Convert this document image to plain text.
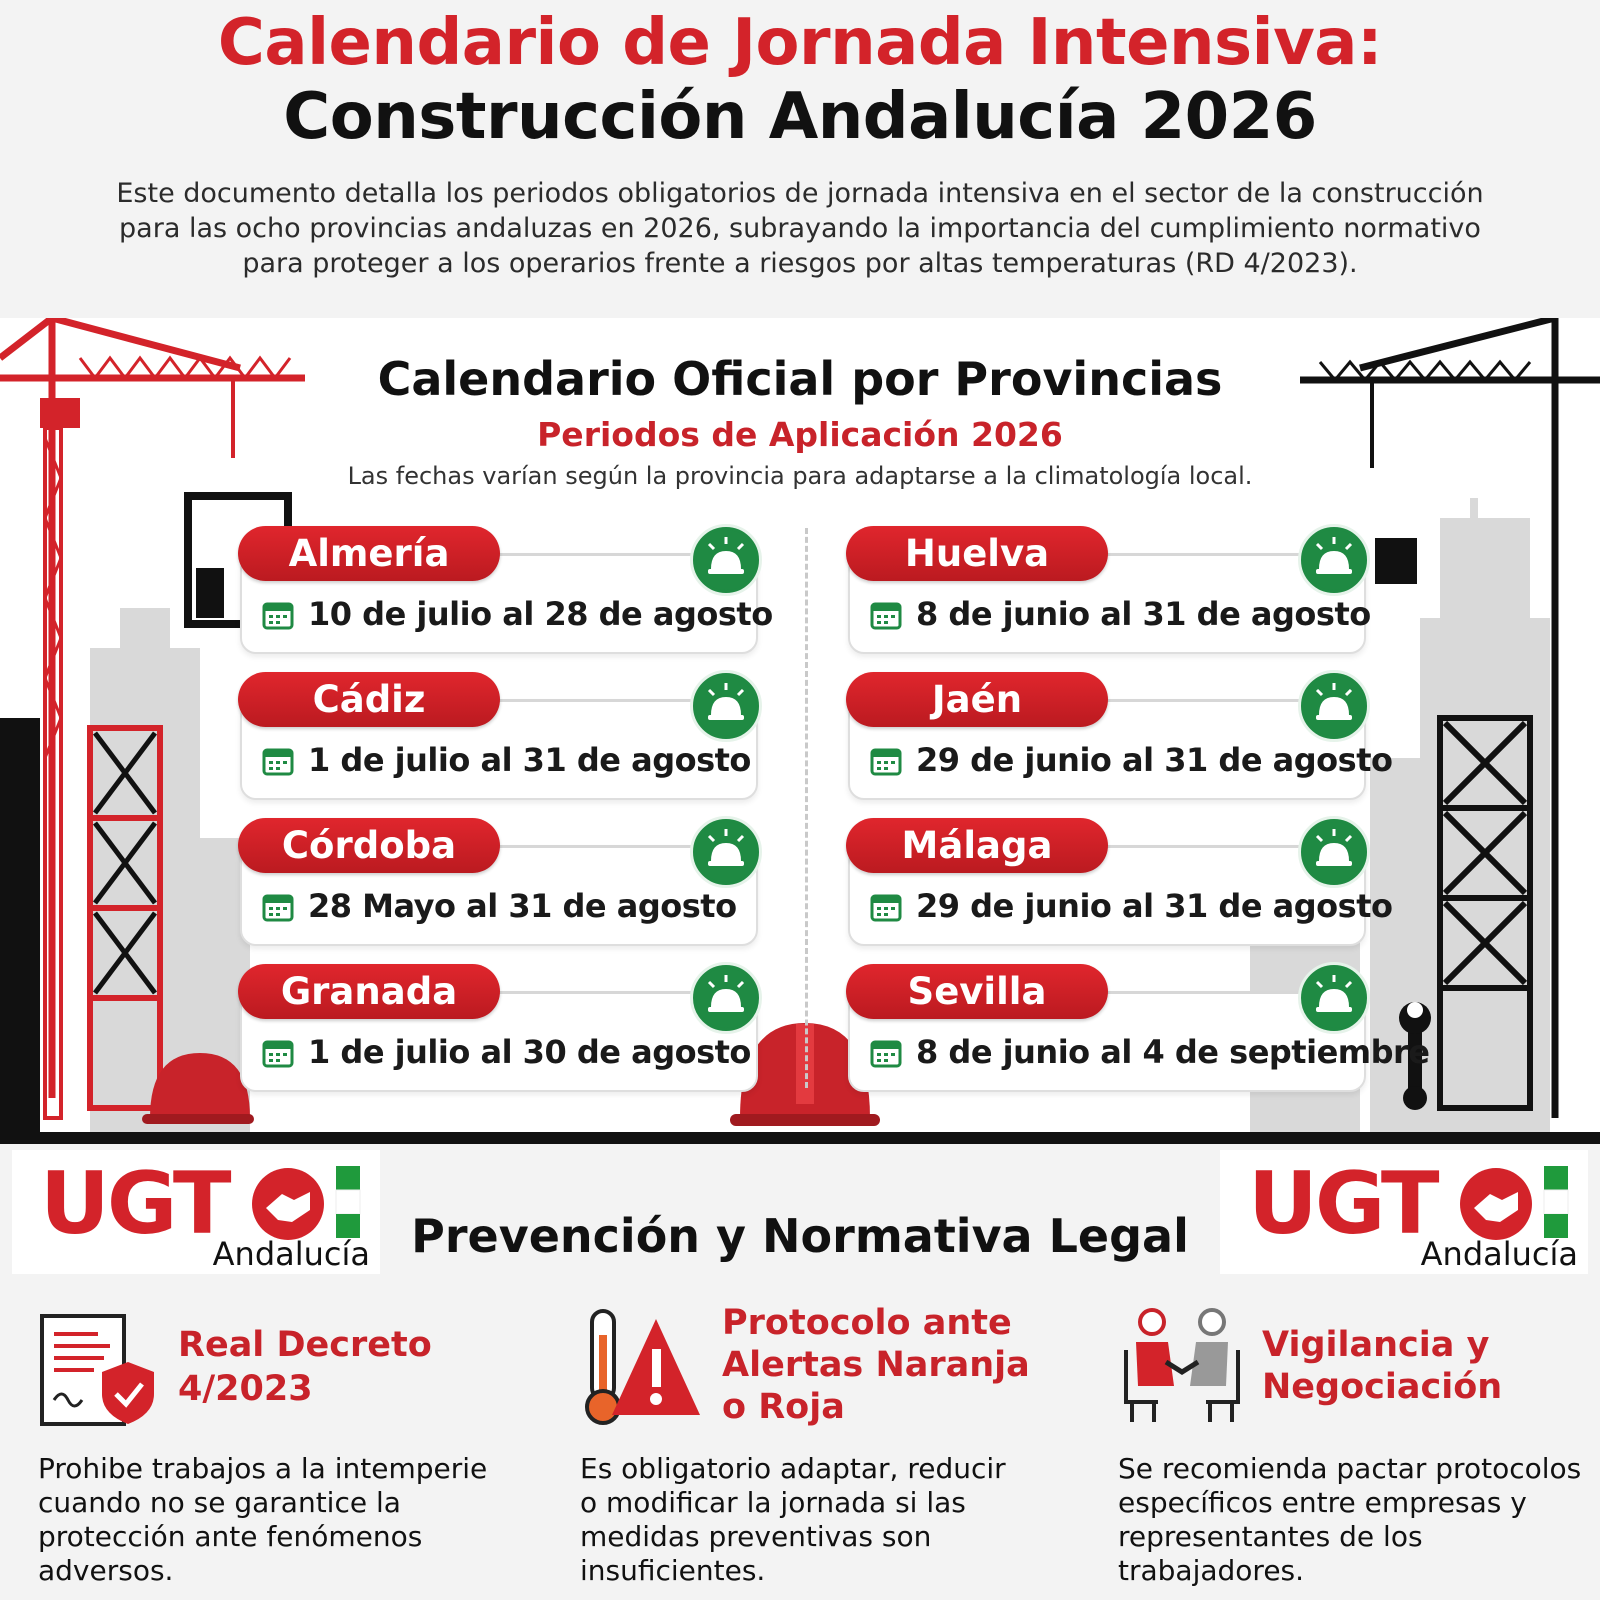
Calendario de Jornada Intensiva:
Construcción Andalucía 2026
Este documento detalla los periodos obligatorios de jornada intensiva en el sector de la construcción para las ocho provincias andaluzas en 2026, subrayando la importancia del cumplimiento normativo para proteger a los operarios frente a riesgos por altas temperaturas (RD 4/2023).
Calendario Oficial por Provincias
Periodos de Aplicación 2026
Las fechas varían según la provincia para adaptarse a la climatología local.
Almería
10 de julio al 28 de agosto
Cádiz
1 de julio al 31 de agosto
Córdoba
28 Mayo al 31 de agosto
Granada
1 de julio al 30 de agosto
Huelva
8 de junio al 31 de agosto
Jaén
29 de junio al 31 de agosto
Málaga
29 de junio al 31 de agosto
Sevilla
8 de junio al 4 de septiembre
UGT
Andalucía	UGT
Andalucía
Prevención y Normativa Legal
Real Decreto
4/2023
Prohibe trabajos a la intemperie
cuando no se garantice la
protección ante fenómenos
adversos.
Protocolo ante
Alertas Naranja
o Roja
Es obligatorio adaptar, reducir
o modificar la jornada si las
medidas preventivas son
insuficientes.
Vigilancia y
Negociación
Se recomienda pactar protocolos
específicos entre empresas y
representantes de los
trabajadores.
